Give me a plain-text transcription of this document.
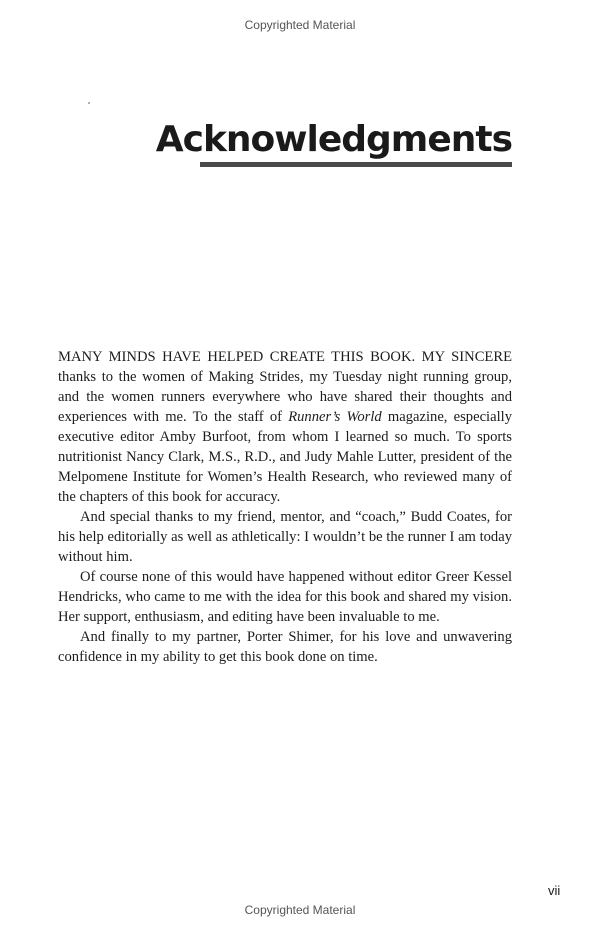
Copyrighted Material
Acknowledgments

MANY MINDS HAVE HELPED CREATE THIS BOOK. MY SINCERE thanks to the women of Making Strides, my Tuesday night running group, and the women runners everywhere who have shared their thoughts and experiences with me. To the staff of Runner’s World magazine, especially executive editor Amby Burfoot, from whom I learned so much. To sports nutritionist Nancy Clark, M.S., R.D., and Judy Mahle Lutter, president of the Melpomene Institute for Women’s Health Research, who reviewed many of the chapters of this book for accuracy.

And special thanks to my friend, mentor, and “coach,” Budd Coates, for his help editorially as well as athletically: I wouldn’t be the runner I am today without him.

Of course none of this would have happened without editor Greer Kessel Hendricks, who came to me with the idea for this book and shared my vision. Her support, enthusiasm, and editing have been invaluable to me.

And finally to my partner, Porter Shimer, for his love and unwavering confidence in my ability to get this book done on time.

vii
Copyrighted Material
